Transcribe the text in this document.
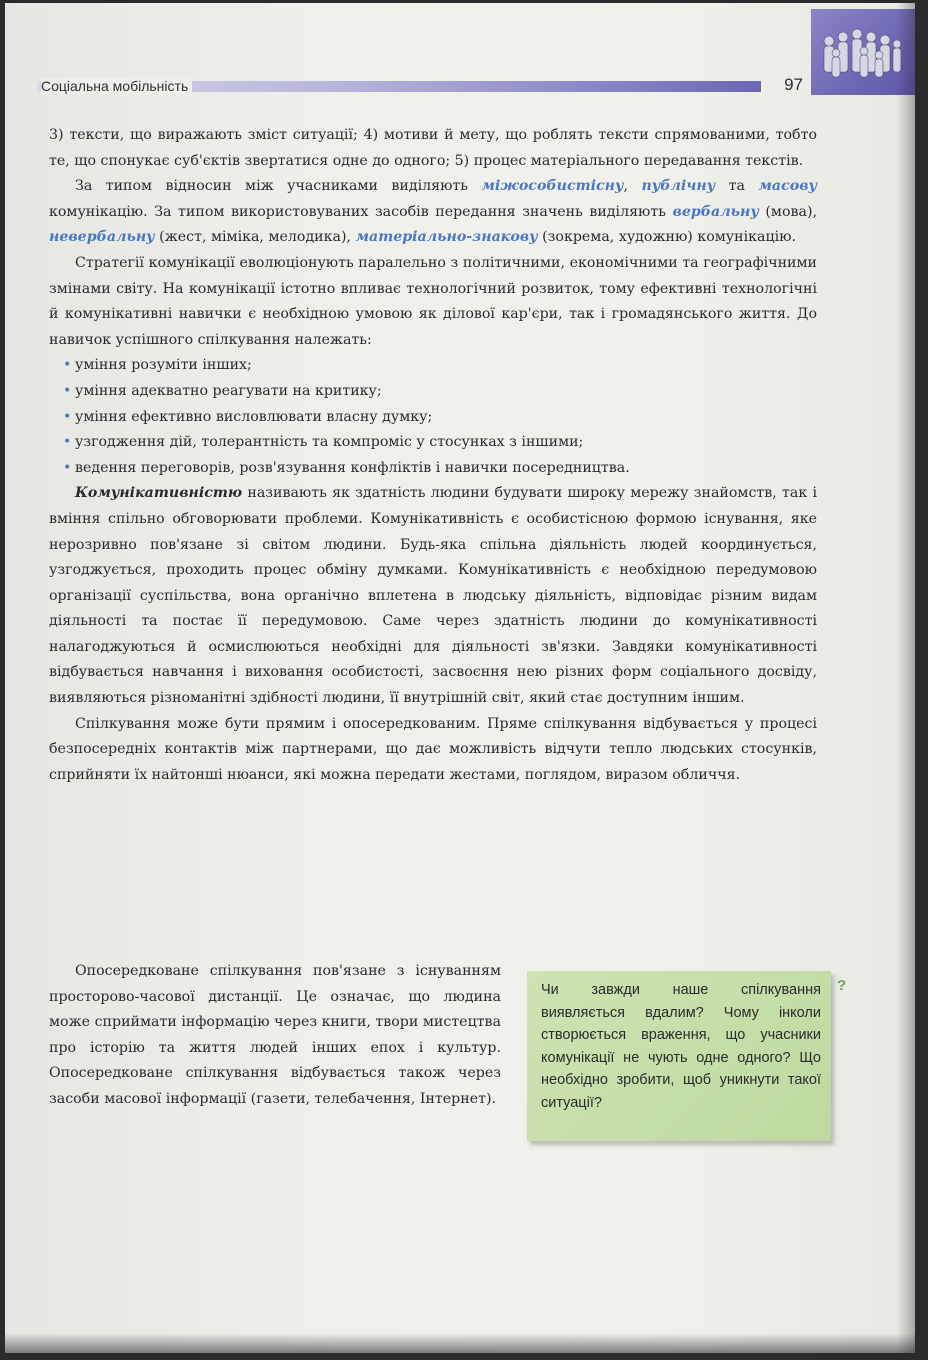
Соціальна мобільність	97

3) тексти, що виражають зміст ситуації; 4) мотиви й мету, що роблять тексти спрямованими, тобто те, що спонукає суб'єктів звертатися одне до одного; 5) процес матеріального передавання текстів.

За типом відносин між учасниками виділяють міжособистісну, публічну та масову комунікацію. За типом використовуваних засобів передання значень виділяють вербальну (мова), невербальну (жест, міміка, мелодика), матеріально-знакову (зокрема, художню) комунікацію.

Стратегії комунікації еволюціонують паралельно з політичними, економічними та географічними змінами світу. На комунікації істотно впливає технологічний розвиток, тому ефективні технологічні й комунікативні навички є необхідною умовою як ділової кар'єри, так і громадянського життя. До навичок успішного спілкування належать:

• уміння розуміти інших;
• уміння адекватно реагувати на критику;
• уміння ефективно висловлювати власну думку;
• узгодження дій, толерантність та компроміс у стосунках з іншими;
• ведення переговорів, розв'язування конфліктів і навички посередництва.

Комунікативністю називають як здатність людини будувати широку мережу знайомств, так і вміння спільно обговорювати проблеми. Комунікативність є особистісною формою існування, яке нерозривно пов'язане зі світом людини. Будь-яка спільна діяльність людей координується, узгоджується, проходить процес обміну думками. Комунікативність є необхідною передумовою організації суспільства, вона органічно вплетена в людську діяльність, відповідає різним видам діяльності та постає її передумовою. Саме через здатність людини до комунікативності налагоджуються й осмислюються необхідні для діяльності зв'язки. Завдяки комунікативності відбувається навчання і виховання особистості, засвоєння нею різних форм соціального досвіду, виявляються різноманітні здібності людини, її внутрішній світ, який стає доступним іншим.

Спілкування може бути прямим і опосередкованим. Пряме спілкування відбувається у процесі безпосередніх контактів між партнерами, що дає можливість відчути тепло людських стосунків, сприйняти їх найтонші нюанси, які можна передати жестами, поглядом, виразом обличчя.

Опосередковане спілкування пов'язане з існуванням просторово-часової дистанції. Це означає, що людина може сприймати інформацію через книги, твори мистецтва про історію та життя людей інших епох і культур. Опосередковане спілкування відбувається також через засоби масової інформації (газети, телебачення, Інтернет).

Чи завжди наше спілкування виявляється вдалим? Чому інколи створюється враження, що учасники комунікації не чують одне одного? Що необхідно зробити, щоб уникнути такої ситуації?
?
